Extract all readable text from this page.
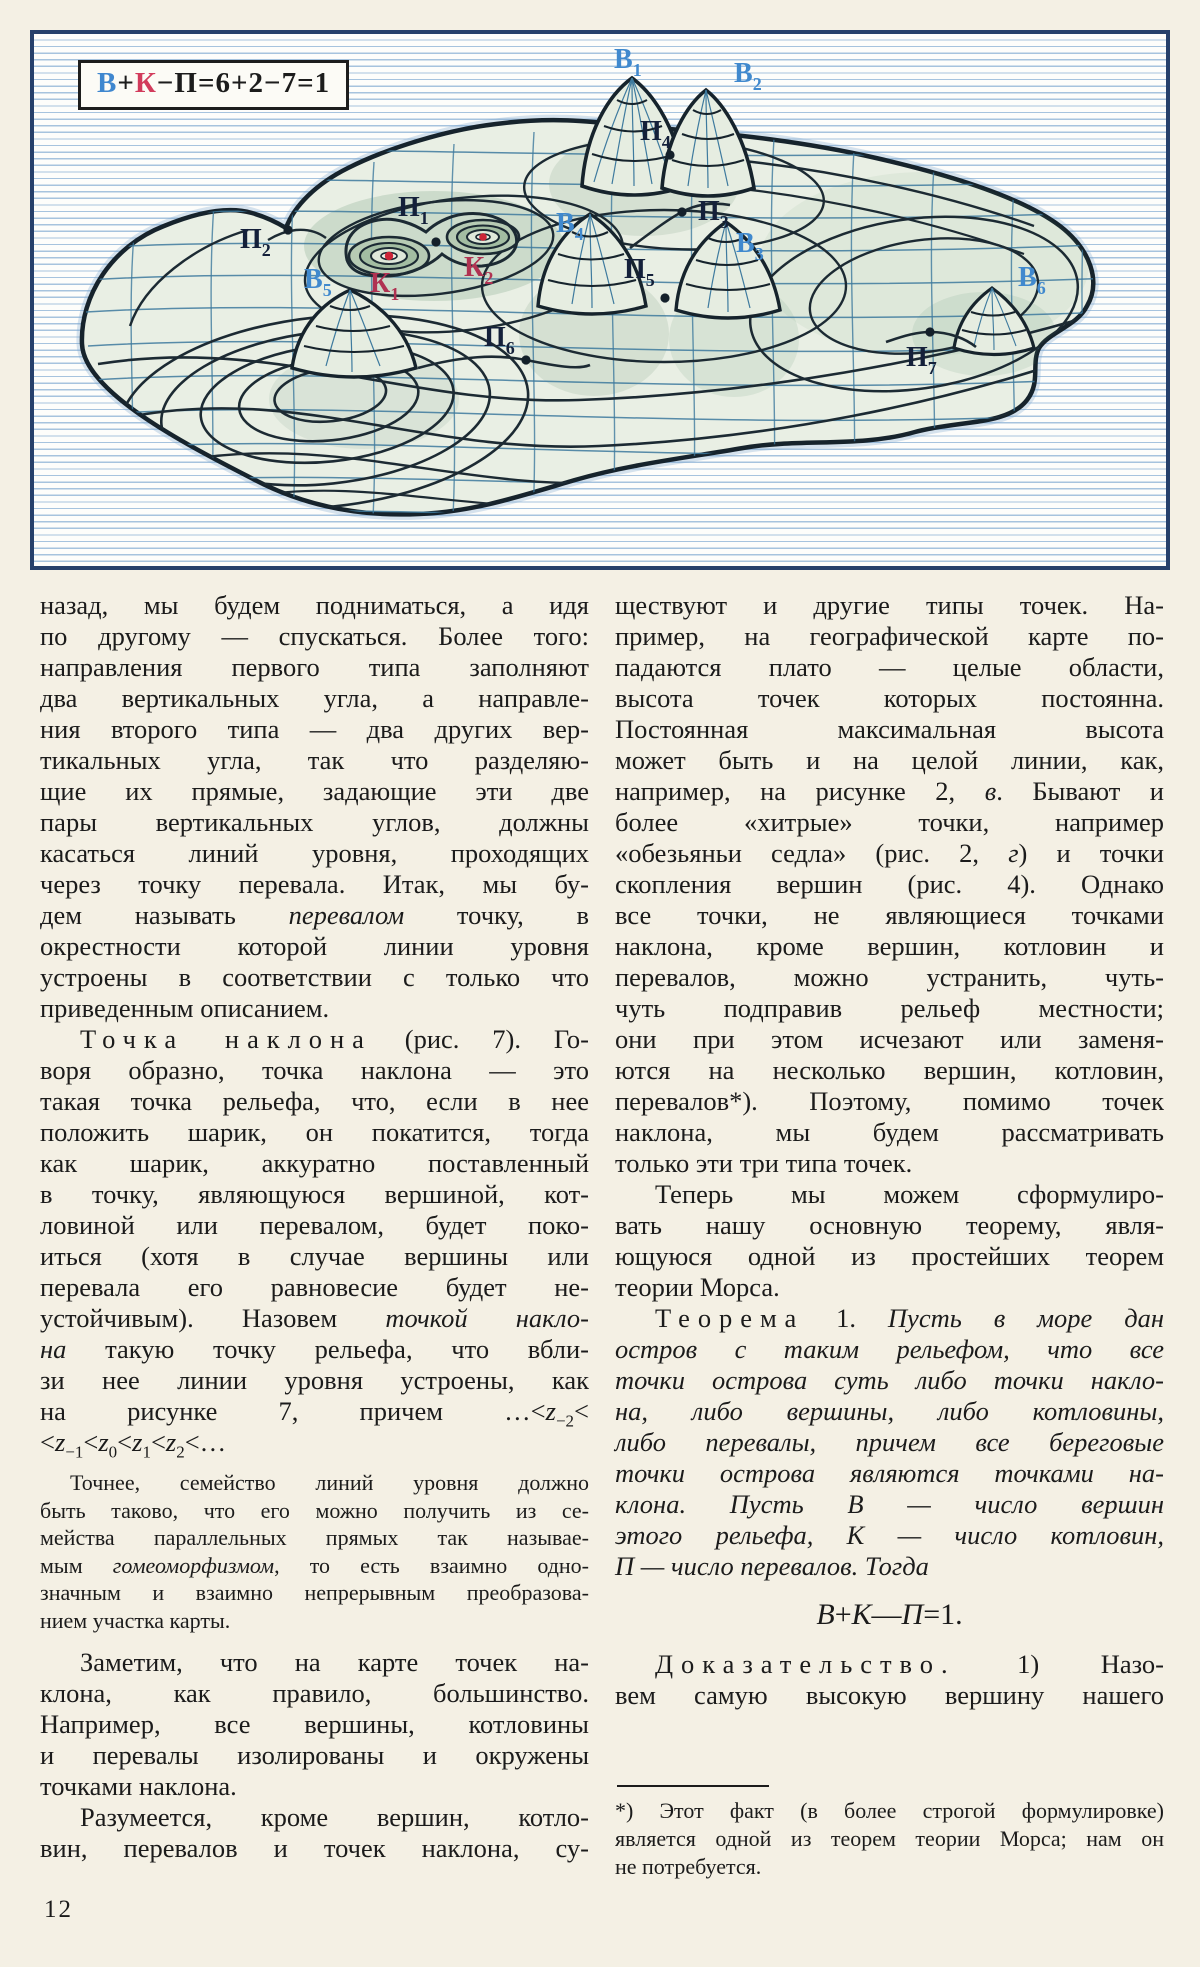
$В_1$	$В_2$
$П_4$
$П_3$
$В_4$	$В_3$
$П_5$
$П_2$
$П_1$
$К_1$
$К_2$
$В_5$
$П_6$
$В_6$
$П_7$
В+К−П=6+2−7=1
назад, мы будем подниматься, а идя
по другому — спускаться. Более того:
направления первого типа заполняют
два вертикальных угла, а направле-
ния второго типа — два других вер-
тикальных угла, так что разделяю-
щие их прямые, задающие эти две
пары вертикальных углов, должны
касаться линий уровня, проходящих
через точку перевала. Итак, мы бу-
дем называть перевалом точку, в
окрестности которой линии уровня
устроены в соответствии с только что
приведенным описанием.
Точка наклона (рис. 7). Го-
воря образно, точка наклона — это
такая точка рельефа, что, если в нее
положить шарик, он покатится, тогда
как шарик, аккуратно поставленный
в точку, являющуюся вершиной, кот-
ловиной или перевалом, будет поко-
иться (хотя в случае вершины или
перевала его равновесие будет не-
устойчивым). Назовем точкой накло-
на такую точку рельефа, что вбли-
зи нее линии уровня устроены, как
на рисунке 7, причем $\dots<z_{-2}<$
$<z_{-1}<z_0<z_1<z_2<\dots$
Точнее, семейство линий уровня должно
быть таково, что его можно получить из се-
мейства параллельных прямых так называе-
мым гомеоморфизмом, то есть взаимно одно-
значным и взаимно непрерывным преобразова-
нием участка карты.
Заметим, что на карте точек на-
клона, как правило, большинство.
Например, все вершины, котловины
и перевалы изолированы и окружены
точками наклона.
Разумеется, кроме вершин, котло-
вин, перевалов и точек наклона, су-
ществуют и другие типы точек. На-
пример, на географической карте по-
падаются плато — целые области,
высота точек которых постоянна.
Постоянная максимальная высота
может быть и на целой линии, как,
например, на рисунке 2, в. Бывают и
более «хитрые» точки, например
«обезьяньи седла» (рис. 2, г) и точки
скопления вершин (рис. 4). Однако
все точки, не являющиеся точками
наклона, кроме вершин, котловин и
перевалов, можно устранить, чуть-
чуть подправив рельеф местности;
они при этом исчезают или заменя-
ются на несколько вершин, котловин,
перевалов*). Поэтому, помимо точек
наклона, мы будем рассматривать
только эти три типа точек.
Теперь мы можем сформулиро-
вать нашу основную теорему, явля-
ющуюся одной из простейших теорем
теории Морса.
Теорема 1. Пусть в море дан
остров с таким рельефом, что все
точки острова суть либо точки накло-
на, либо вершины, либо котловины,
либо перевалы, причем все береговые
точки острова являются точками на-
клона. Пусть В — число вершин
этого рельефа, К — число котловин,
П — число перевалов. Тогда
В+К—П=1.
Доказательство. 1) Назо-
вем самую высокую вершину нашего
*) Этот факт (в более строгой формулировке)
является одной из теорем теории Морса; нам он
не потребуется.
12
